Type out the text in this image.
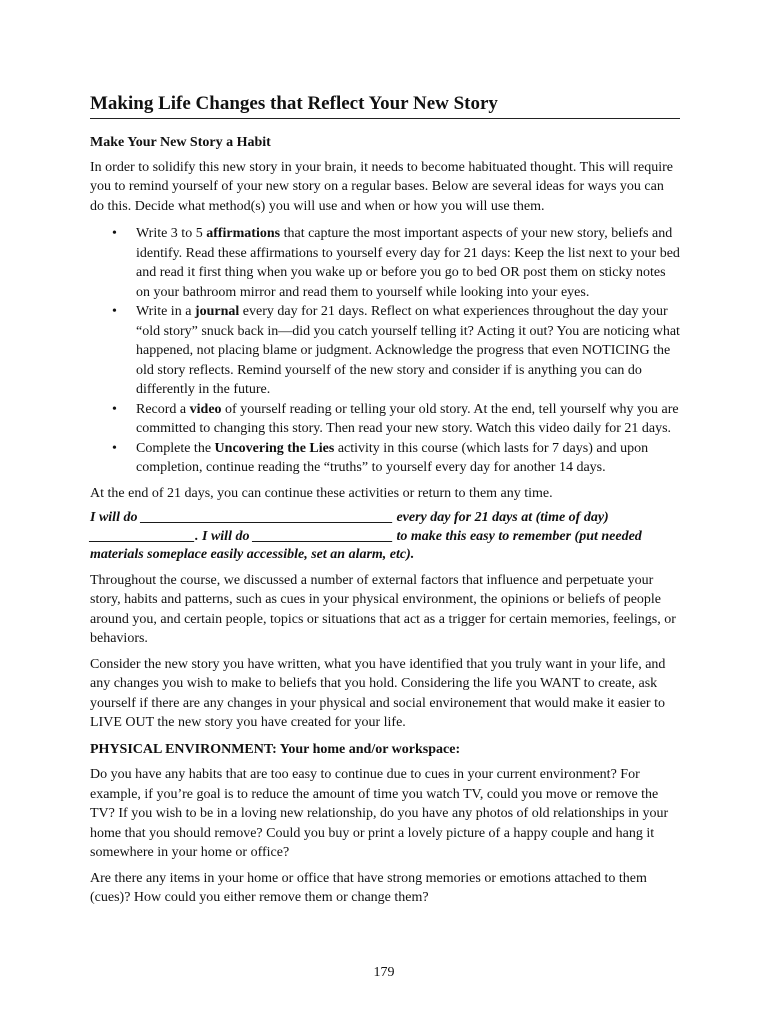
Making Life Changes that Reflect Your New Story
Make Your New Story a Habit

In order to solidify this new story in your brain, it needs to become habituated thought. This will require you to remind yourself of your new story on a regular bases. Below are several ideas for ways you can do this. Decide what method(s) you will use and when or how you will use them.

• Write 3 to 5 affirmations that capture the most important aspects of your new story, beliefs and identify. Read these affirmations to yourself every day for 21 days: Keep the list next to your bed and read it first thing when you wake up or before you go to bed OR post them on sticky notes on your bathroom mirror and read them to yourself while looking into your eyes.
• Write in a journal every day for 21 days. Reflect on what experiences throughout the day your “old story” snuck back in—did you catch yourself telling it? Acting it out? You are noticing what happened, not placing blame or judgment. Acknowledge the progress that even NOTICING the old story reflects. Remind yourself of the new story and consider if is anything you can do differently in the future.
• Record a video of yourself reading or telling your old story. At the end, tell yourself why you are committed to changing this story. Then read your new story. Watch this video daily for 21 days.
• Complete the Uncovering the Lies activity in this course (which lasts for 7 days) and upon completion, continue reading the “truths” to yourself every day for another 14 days.

At the end of 21 days, you can continue these activities or return to them any time.

I will do ____________________________________ every day for 21 days at (time of day) _______________. I will do ____________________ to make this easy to remember (put needed materials someplace easily accessible, set an alarm, etc).

Throughout the course, we discussed a number of external factors that influence and perpetuate your story, habits and patterns, such as cues in your physical environment, the opinions or beliefs of people around you, and certain people, topics or situations that act as a trigger for certain memories, feelings, or behaviors.

Consider the new story you have written, what you have identified that you truly want in your life, and any changes you wish to make to beliefs that you hold. Considering the life you WANT to create, ask yourself if there are any changes in your physical and social environement that would make it easier to LIVE OUT the new story you have created for your life.

PHYSICAL ENVIRONMENT: Your home and/or workspace:

Do you have any habits that are too easy to continue due to cues in your current environment? For example, if you’re goal is to reduce the amount of time you watch TV, could you move or remove the TV? If you wish to be in a loving new relationship, do you have any photos of old relationships in your home that you should remove? Could you buy or print a lovely picture of a happy couple and hang it somewhere in your home or office?

Are there any items in your home or office that have strong memories or emotions attached to them (cues)? How could you either remove them or change them?

179
